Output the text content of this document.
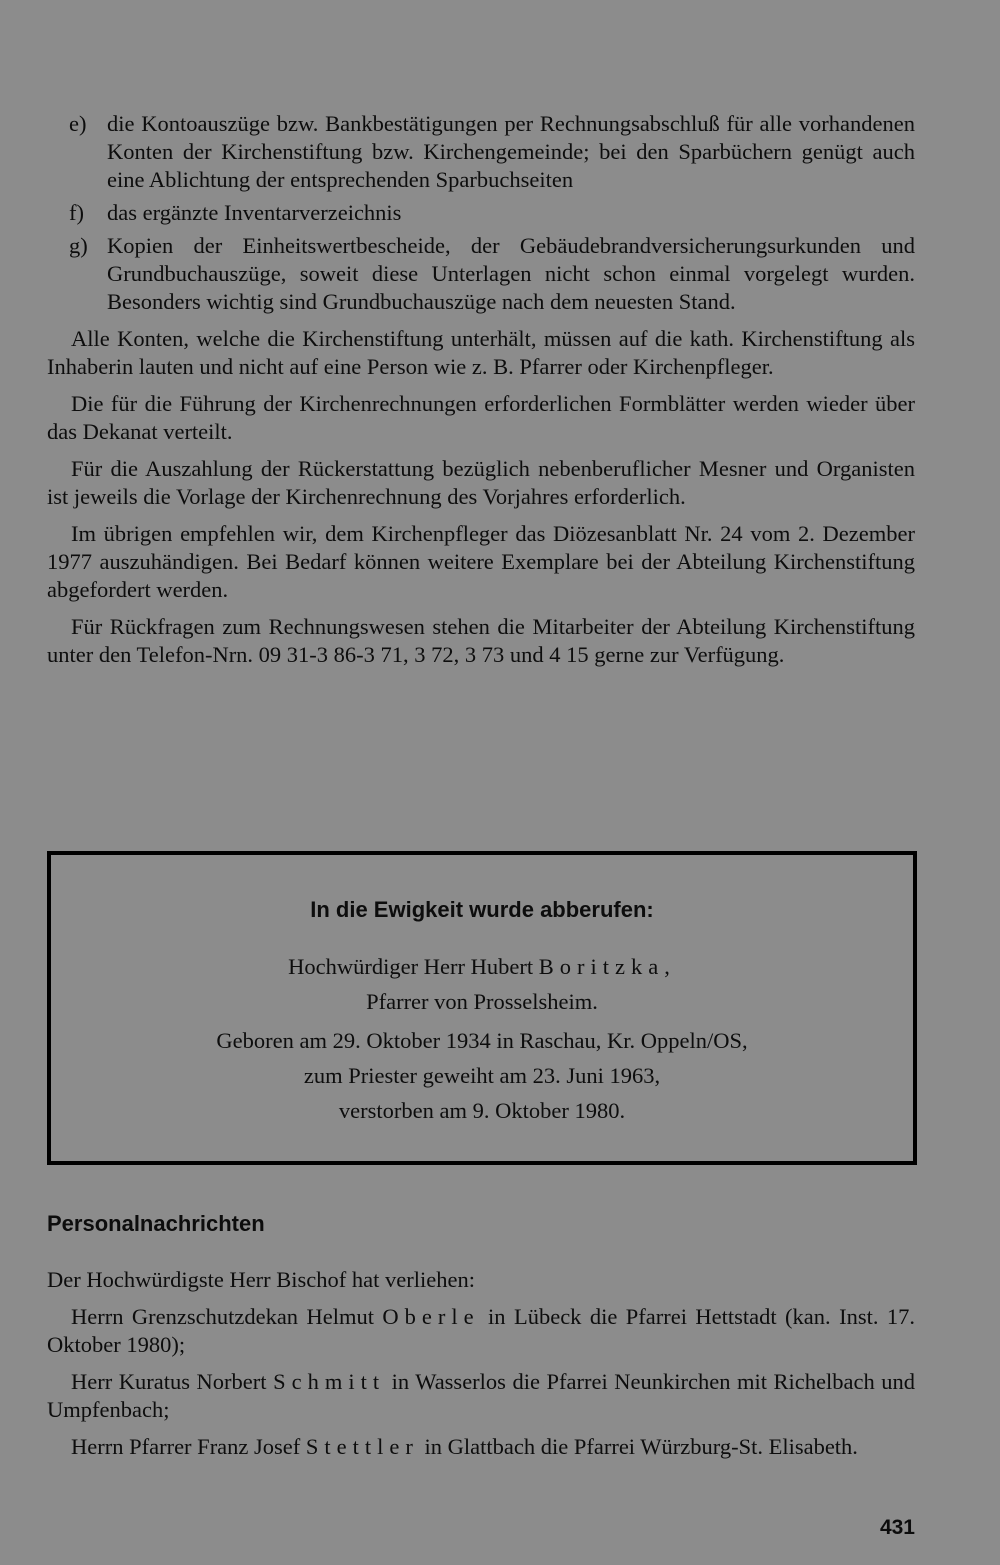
e) die Kontoauszüge bzw. Bankbestätigungen per Rechnungsabschluß für alle vorhandenen Konten der Kirchenstiftung bzw. Kirchengemeinde; bei den Sparbüchern genügt auch eine Ablichtung der entsprechenden Sparbuchseiten

f) das ergänzte Inventarverzeichnis

g) Kopien der Einheitswertbescheide, der Gebäudebrandversicherungsurkunden und Grundbuchauszüge, soweit diese Unterlagen nicht schon einmal vorgelegt wurden. Besonders wichtig sind Grundbuchauszüge nach dem neuesten Stand.

Alle Konten, welche die Kirchenstiftung unterhält, müssen auf die kath. Kirchenstiftung als Inhaberin lauten und nicht auf eine Person wie z. B. Pfarrer oder Kirchenpfleger.

Die für die Führung der Kirchenrechnungen erforderlichen Formblätter werden wieder über das Dekanat verteilt.

Für die Auszahlung der Rückerstattung bezüglich nebenberuflicher Mesner und Organisten ist jeweils die Vorlage der Kirchenrechnung des Vorjahres erforderlich.

Im übrigen empfehlen wir, dem Kirchenpfleger das Diözesanblatt Nr. 24 vom 2. Dezember 1977 auszuhändigen. Bei Bedarf können weitere Exemplare bei der Abteilung Kirchenstiftung abgefordert werden.

Für Rückfragen zum Rechnungswesen stehen die Mitarbeiter der Abteilung Kirchenstiftung unter den Telefon-Nrn. 09 31-3 86-3 71, 3 72, 3 73 und 4 15 gerne zur Verfügung.

In die Ewigkeit wurde abberufen:
Hochwürdiger Herr Hubert Boritzka,
Pfarrer von Prosselsheim.
Geboren am 29. Oktober 1934 in Raschau, Kr. Oppeln/OS,
zum Priester geweiht am 23. Juni 1963,
verstorben am 9. Oktober 1980.
Personalnachrichten

Der Hochwürdigste Herr Bischof hat verliehen:

Herrn Grenzschutzdekan Helmut Oberle in Lübeck die Pfarrei Hettstadt (kan. Inst. 17. Oktober 1980);

Herr Kuratus Norbert Schmitt in Wasserlos die Pfarrei Neunkirchen mit Richelbach und Umpfenbach;

Herrn Pfarrer Franz Josef Stettler in Glattbach die Pfarrei Würzburg-St. Elisabeth.

431
